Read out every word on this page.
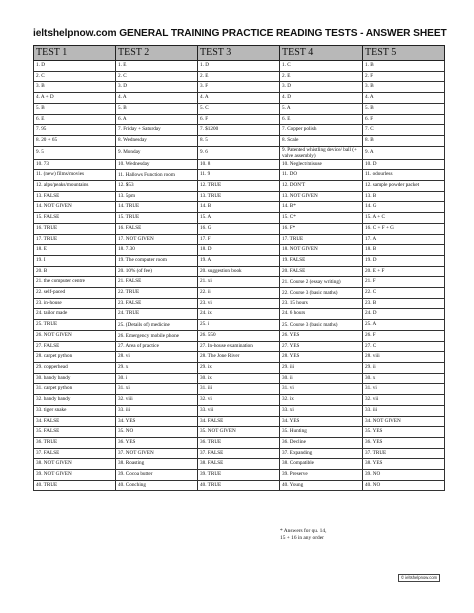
ieltshelpnow.com GENERAL TRAINING PRACTICE READING TESTS - ANSWER SHEET
TEST 1	TEST 2	TEST 3	TEST 4	TEST 5
1. D	1. E	1. D	1. C	1. B
2. C	2. C	2. E	2. E	2. F
3. B	3. D	3. F	3. D	3. B
4. A + D	4. A	4. A	4. D	4. A
5. B	5. B	5. C	5. A	5. B
6. E	6. A	6. F	6. E	6. F
7. 95	7. Friday + Saturday	7. $1200	7. Copper polish	7. C
8. 20 + 65	8. Wednesday	8. 5	8. Scale	8. B
9. 5	9. Monday	9. 6	9. Patented whistling device/ ball (+ valve assembly)	9. A
10. 73	10. Wednesday	10. 8	10. Neglect/misuse	10. D
11. (new) films/movies	11. Hallows Function room	11. 9	11. DO	11. odourless
12. alps/peaks/mountains	12. $53	12. TRUE	12. DON'T	12. sample powder packet
13. FALSE	13. 5pm	13. TRUE	13. NOT GIVEN	13. B
14. NOT GIVEN	14. TRUE	14. B	14. B*	14. G
15. FALSE	15. TRUE	15. A	15. C*	15. A + C
16. TRUE	16. FALSE	16. G	16. F*	16. C + F + G
17. TRUE	17. NOT GIVEN	17. F	17. TRUE	17. A
18. E	18. 7.30	18. D	18. NOT GIVEN	18. B
19. I	19. The computer room	19. A	19. FALSE	19. D
20. B	20. 10% (of fee)	20. suggestion book	20. FALSE	20. E + F
21. the computer centre	21. FALSE	21. xi	21. Course 2 (essay writing)	21. F
22. self-paced	22. TRUE	22. ii	22. Course 3 (basic maths)	22. C
23. in-house	23. FALSE	23. vi	23. 15 hours	23. B
24. tailor made	24. TRUE	24. ix	24. 6 hours	24. D
25. TRUE	25. (Details of) medicine	25. i	25. Course 3 (basic maths)	25. A
26. NOT GIVEN	26. Emergency mobile phone	26. 550	26. YES	26. F
27. FALSE	27. Area of practice	27. In-house examination	27. YES	27. C
28. carpet python	28. vi	28. The Jone River	28. YES	28. viii
29. copperhead	29. x	29. ix	29. iii	29. ii
30. bandy bandy	30. i	30. ix	30. ii	30. x
31. carpet python	31. xi	31. iii	31. vi	31. vi
32. bandy bandy	32. viii	32. vi	32. ix	32. vii
33. tiger snake	33. iii	33. vii	33. xi	33. iii
34. FALSE	34. YES	34. FALSE	34. YES	34. NOT GIVEN
35. FALSE	35. NO	35. NOT GIVEN	35. Hunting	35. YES
36. TRUE	36. YES	36. TRUE	36. Decline	36. YES
37. FALSE	37. NOT GIVEN	37. FALSE	37. Expanding	37. TRUE
38. NOT GIVEN	38. Roasting	38. FALSE	38. Compatible	38. YES
39. NOT GIVEN	39. Cocoa butter	39. TRUE	39. Preserve	39. NO
40. TRUE	40. Conching	40. TRUE	40. Young	40. NO
* Answers for qu. 14,
15 + 16 in any order
© ieltshelpnow.com
